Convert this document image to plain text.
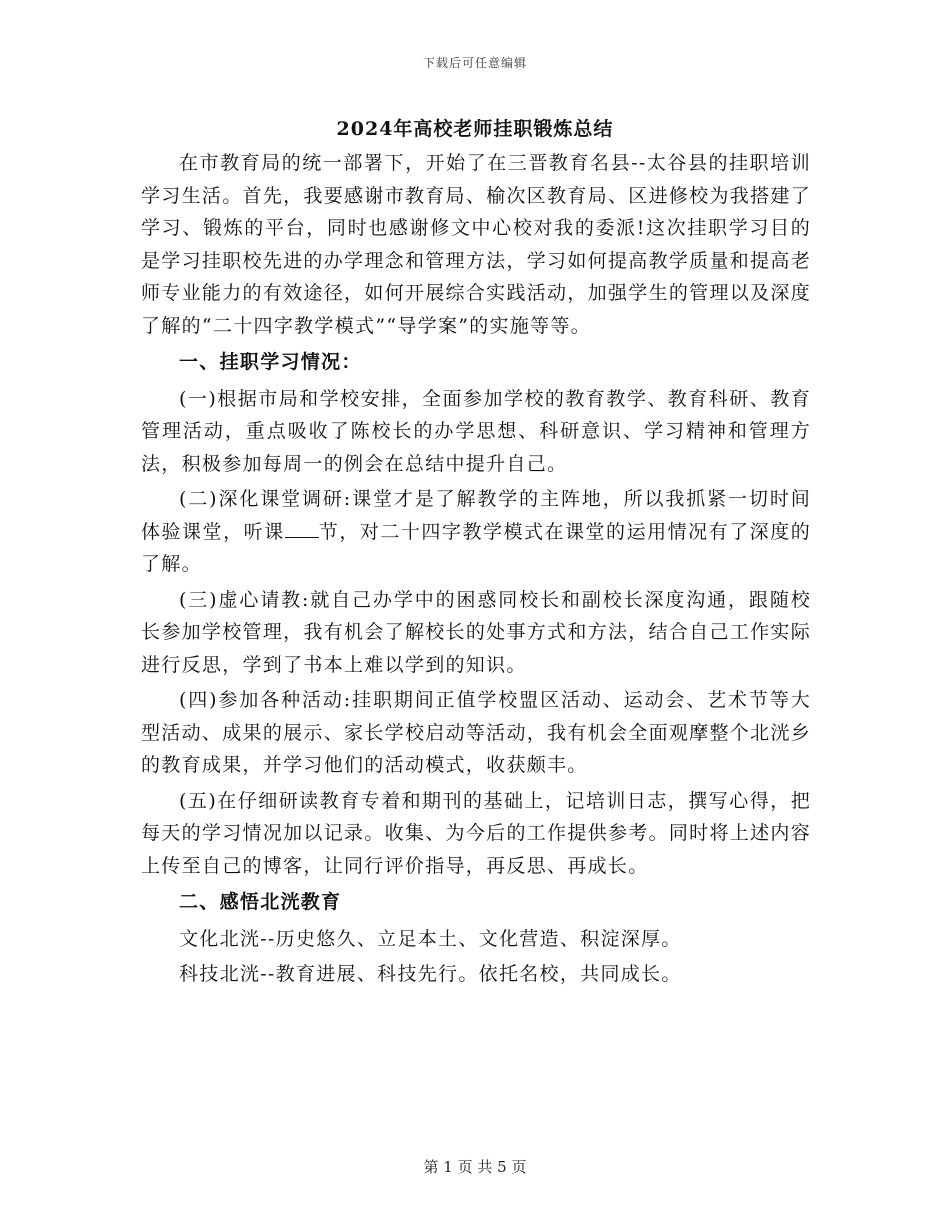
下载后可任意编辑
2024年高校老师挂职锻炼总结

在市教育局的统一部署下，开始了在三晋教育名县--太谷县的挂职培训学习生活。首先，我要感谢市教育局、榆次区教育局、区进修校为我搭建了学习、锻炼的平台，同时也感谢修文中心校对我的委派!这次挂职学习目的是学习挂职校先进的办学理念和管理方法，学习如何提高教学质量和提高老师专业能力的有效途径，如何开展综合实践活动，加强学生的管理以及深度了解的“二十四字教学模式”“导学案”的实施等等。

一、挂职学习情况：

(一)根据市局和学校安排，全面参加学校的教育教学、教育科研、教育管理活动，重点吸收了陈校长的办学思想、科研意识、学习精神和管理方法，积极参加每周一的例会在总结中提升自己。

(二)深化课堂调研:课堂才是了解教学的主阵地，所以我抓紧一切时间体验课堂，听课 节，对二十四字教学模式在课堂的运用情况有了深度的了解。

(三)虚心请教:就自己办学中的困惑同校长和副校长深度沟通，跟随校长参加学校管理，我有机会了解校长的处事方式和方法，结合自己工作实际进行反思，学到了书本上难以学到的知识。

(四)参加各种活动:挂职期间正值学校盟区活动、运动会、艺术节等大型活动、成果的展示、家长学校启动等活动，我有机会全面观摩整个北洸乡的教育成果，并学习他们的活动模式，收获颇丰。

(五)在仔细研读教育专着和期刊的基础上，记培训日志，撰写心得，把每天的学习情况加以记录。收集、为今后的工作提供参考。同时将上述内容上传至自己的博客，让同行评价指导，再反思、再成长。

二、感悟北洸教育

文化北洸--历史悠久、立足本土、文化营造、积淀深厚。

科技北洸--教育进展、科技先行。依托名校，共同成长。

第 1 页 共 5 页
